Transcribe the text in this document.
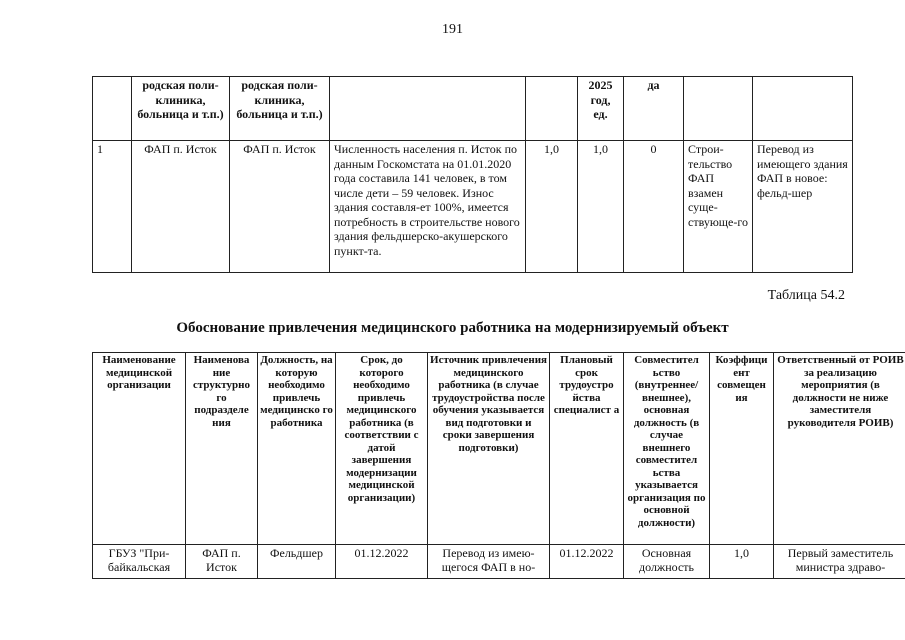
191
	родская поли-клиника, больница и т.п.)	родская поли-клиника, больница и т.п.)			2025 год, ед.	да		
1	ФАП п. Исток	ФАП п. Исток	Численность населения п. Исток по данным Госкомстата на 01.01.2020 года составила 141 человек, в том числе дети – 59 человек. Износ здания составля-ет 100%, имеется потребность в строительстве нового здания фельдшерско-акушерского пункт-та.	1,0	1,0	0	Строи-тельство ФАП взамен суще-ствующе-го	Перевод из имеющего здания ФАП в новое: фельд-шер
Таблица 54.2
Обоснование привлечения медицинского работника на модернизируемый объект
Наименование медицинской организации	Наименова ние структурно го подразделе ния	Должность, на которую необходимо привлечь медицинско го работника	Срок, до которого необходимо привлечь медицинского работника (в соответствии с датой завершения модернизации медицинской организации)	Источник привлечения медицинского работника (в случае трудоустройства после обучения указывается вид подготовки и сроки завершения подготовки)	Плановый срок трудоустро йства специалист а	Совместител ьство (внутреннее/ внешнее), основная должность (в случае внешнего совместител ьства указывается организация по основной должности)	Коэффици ент совмещен ия	Ответственный от РОИВ за реализацию мероприятия (в должности не ниже заместителя руководителя РОИВ)
ГБУЗ "При-байкальская	ФАП п. Исток	Фельдшер	01.12.2022	Перевод из имею-щегося ФАП в но-	01.12.2022	Основная должность	1,0	Первый заместитель министра здраво-
